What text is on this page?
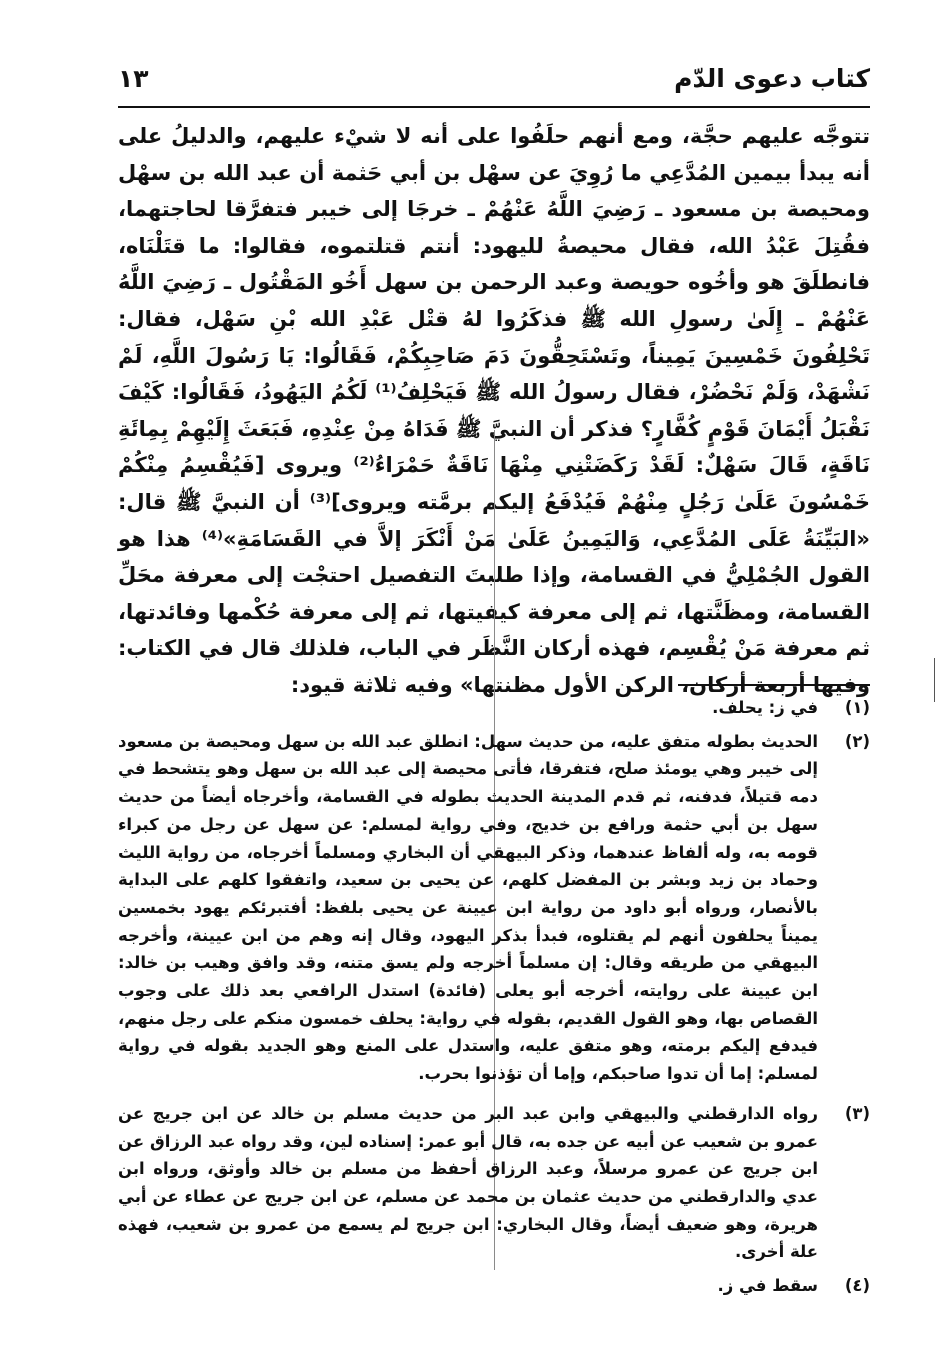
كتاب دعوى الدّم
١٣

تتوجَّه عليهم حجَّة، ومع أنهم حلَفُوا على أنه لا شيْء عليهم، والدليلُ على أنه يبدأ بيمين المُدَّعِي ما رُوِيَ عن سهْل بن أبي حَثمة أن عبد الله بن سهْل ومحيصة بن مسعود ـ رَضِيَ اللَّهُ عَنْهُمْ ـ خرجَا إلى خيبر فتفرَّقا لحاجتهما، فقُتِلَ عَبْدُ الله، فقال محيصةُ لليهود: أنتم قتلتموه، فقالوا: ما قتَلْنَاه، فانطلَقَ هو وأخُوه حويصة وعبد الرحمن بن سهل أَخُو المَقْتُول ـ رَضِيَ اللَّهُ عَنْهُمْ ـ إِلَىٰ رسولِ الله ﷺ فذكَرُوا لهُ قتْل عَبْدِ الله بْنِ سَهْل، فقال: تَحْلِفُونَ خَمْسِينَ يَمِيناً، وتَسْتَحِقُّونَ دَمَ صَاحِبِكُمْ، فَقَالُوا: يَا رَسُولَ اللَّهِ، لَمْ نَشْهَدْ، وَلَمْ نَحْضُرْ، فقال رسولُ الله ﷺ فَيَحْلِفُ⁽¹⁾ لَكُمُ اليَهُودُ، فَقَالُوا: كَيْفَ نَقْبَلُ أَيْمَانَ قَوْمٍ كُفَّارٍ؟ فذكر أن النبيَّ ﷺ فَدَاهُ مِنْ عِنْدِهِ، فَبَعَثَ إِلَيْهِمْ بِمِائَةِ نَاقَةٍ، قَالَ سَهْلٌ: لَقَدْ رَكَضَتْنِي مِنْهَا نَاقَةٌ حَمْرَاءُ⁽²⁾ ويروى [فَيُقْسِمُ مِنْكُمْ خَمْسُونَ عَلَىٰ رَجُلٍ مِنْهُمْ فَيُدْفَعُ إليكم برمَّته ويروى]⁽³⁾ أن النبيَّ ﷺ قال: «البَيِّنَةُ عَلَى المُدَّعِي، وَاليَمِينُ عَلَىٰ مَنْ أَنْكَرَ إلاَّ في القَسَامَةِ»⁽⁴⁾ هذا هو القول الجُمْلِيُّ في القسامة، وإذا طلبتَ التفصيل احتجْت إلى معرفة محَلِّ القسامة، ومظَنَّتها، ثم إلى معرفة كيفيتها، ثم إلى معرفة حُكْمها وفائدتها، ثم معرفة مَنْ يُقْسِم، فهذه أركان النَّظَر في الباب، فلذلك قال في الكتاب: وفيها أربعة أركان، الركن الأول مظنتها» وفيه ثلاثة قيود:

(١)
في ز: يحلف.
(٢)
الحديث بطوله متفق عليه، من حديث سهل: انطلق عبد الله بن سهل ومحيصة بن مسعود إلى خيبر وهي يومئذ صلح، فتفرقا، فأتى محيصة إلى عبد الله بن سهل وهو يتشحط في دمه قتيلاً، فدفنه، ثم قدم المدينة الحديث بطوله في القسامة، وأخرجاه أيضاً من حديث سهل بن أبي حثمة ورافع بن خديج، وفي رواية لمسلم: عن سهل عن رجل من كبراء قومه به، وله ألفاظ عندهما، وذكر البيهقي أن البخاري ومسلماً أخرجاه، من رواية الليث وحماد بن زيد وبشر بن المفضل كلهم، عن يحيى بن سعيد، واتفقوا كلهم على البداية بالأنصار، ورواه أبو داود من رواية ابن عيينة عن يحيى بلفظ: أفتبرئكم يهود بخمسين يميناً يحلفون أنهم لم يقتلوه، فبدأ بذكر اليهود، وقال إنه وهم من ابن عيينة، وأخرجه البيهقي من طريقه وقال: إن مسلماً أخرجه ولم يسق متنه، وقد وافق وهيب بن خالد: ابن عيينة على روايته، أخرجه أبو يعلى (فائدة) استدل الرافعي بعد ذلك على وجوب القصاص بها، وهو القول القديم، بقوله في رواية: يحلف خمسون منكم على رجل منهم، فيدفع إليكم برمته، وهو متفق عليه، واستدل على المنع وهو الجديد بقوله في رواية لمسلم: إما أن تدوا صاحبكم، وإما أن تؤذنوا بحرب.
(٣)
رواه الدارقطني والبيهقي وابن عبد البر من حديث مسلم بن خالد عن ابن جريج عن عمرو بن شعيب عن أبيه عن جده به، قال أبو عمر: إسناده لين، وقد رواه عبد الرزاق عن ابن جريج عن عمرو مرسلاً، وعبد الرزاق أحفظ من مسلم بن خالد وأوثق، ورواه ابن عدي والدارقطني من حديث عثمان بن محمد عن مسلم، عن ابن جريج عن عطاء عن أبي هريرة، وهو ضعيف أيضاً، وقال البخاري: ابن جريج لم يسمع من عمرو بن شعيب، فهذه علة أخرى.
(٤)
سقط في ز.
